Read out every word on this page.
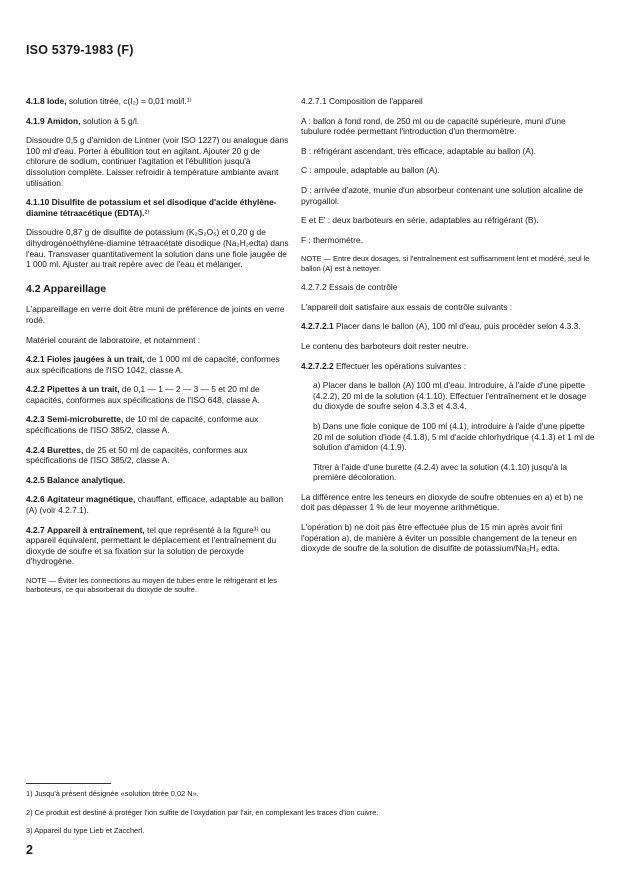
ISO 5379-1983 (F)
4.1.8 Iode, solution titrée, c(I₂) = 0,01 mol/l.¹⁾
4.1.9 Amidon, solution à 5 g/l.
Dissoudre 0,5 g d'amidon de Lintner (voir ISO 1227) ou analogue dans 100 ml d'eau. Porter à ébullition tout en agitant. Ajouter 20 g de chlorure de sodium, continuer l'agitation et l'ébullition jusqu'à dissolution complète. Laisser refroidir à température ambiante avant utilisation.
4.1.10 Disulfite de potassium et sel disodique d'acide éthylène-diamine tétraacétique (EDTA).²⁾
Dissoudre 0,87 g de disulfite de potassium (K₂S₂O₅) et 0,20 g de dihydrogénoéthylène-diamine tétraacétate disodique (Na₂H₂edta) dans l'eau. Transvaser quantitativement la solution dans une fiole jaugée de 1 000 ml. Ajuster au trait repère avec de l'eau et mélanger.
4.2 Appareillage
L'appareillage en verre doit être muni de préférence de joints en verre rodé.
Matériel courant de laboratoire, et notamment :
4.2.1 Fioles jaugées à un trait, de 1 000 ml de capacité, conformes aux spécifications de l'ISO 1042, classe A.
4.2.2 Pipettes à un trait, de 0,1 — 1 — 2 — 3 — 5 et 20 ml de capacités, conformes aux spécifications de l'ISO 648, classe A.
4.2.3 Semi-microburette, de 10 ml de capacité, conforme aux spécifications de l'ISO 385/2, classe A.
4.2.4 Burettes, de 25 et 50 ml de capacités, conformes aux spécifications de l'ISO 385/2, classe A.
4.2.5 Balance analytique.
4.2.6 Agitateur magnétique, chauffant, efficace, adaptable au ballon (A) (voir 4.2.7.1).
4.2.7 Appareil à entraînement, tel que représenté à la figure³⁾ ou appareil équivalent, permettant le déplacement et l'entraînement du dioxyde de soufre et sa fixation sur la solution de peroxyde d'hydrogène.
NOTE — Éviter les connections au moyen de tubes entre le réfrigérant et les barboteurs, ce qui absorberait du dioxyde de soufre.
4.2.7.1 Composition de l'appareil
A : ballon à fond rond, de 250 ml ou de capacité supérieure, muni d'une tubulure rodée permettant l'introduction d'un thermomètre.
B : réfrigérant ascendant, très efficace, adaptable au ballon (A).
C : ampoule, adaptable au ballon (A).
D : arrivée d'azote, munie d'un absorbeur contenant une solution alcaline de pyrogallol.
E et E' : deux barboteurs en série, adaptables au réfrigérant (B).
F : thermomètre.
NOTE — Entre deux dosages, si l'entraînement est suffisamment lent et modéré, seul le ballon (A) est à nettoyer.
4.2.7.2 Essais de contrôle
L'appareil doit satisfaire aux essais de contrôle suivants :
4.2.7.2.1 Placer dans le ballon (A), 100 ml d'eau, puis procéder selon 4.3.3.
Le contenu des barboteurs doit rester neutre.
4.2.7.2.2 Effectuer les opérations suivantes :
a) Placer dans le ballon (A) 100 ml d'eau. Introduire, à l'aide d'une pipette (4.2.2), 20 ml de la solution (4.1.10). Effectuer l'entraînement et le dosage du dioxyde de soufre selon 4.3.3 et 4.3.4.
b) Dans une fiole conique de 100 ml (4.1), introduire à l'aide d'une pipette 20 ml de solution d'iode (4.1.8), 5 ml d'acide chlorhydrique (4.1.3) et 1 ml de solution d'amidon (4.1.9).
Titrer à l'aide d'une burette (4.2.4) avec la solution (4.1.10) jusqu'à la première décoloration.
La différence entre les teneurs en dioxyde de soufre obtenues en a) et b) ne doit pas dépasser 1 % de leur moyenne arithmétique.
L'opération b) ne doit pas être effectuée plus de 15 min après avoir fini l'opération a), de manière à éviter un possible changement de la teneur en dioxyde de soufre de la solution de disulfite de potassium/Na₂H₂ edta.
1) Jusqu'à présent désignée «solution titrée 0,02 N».
2) Ce produit est destiné à protéger l'ion sulfite de l'oxydation par l'air, en complexant les traces d'ion cuivre.
3) Appareil du type Lieb et Zaccherl.
2
